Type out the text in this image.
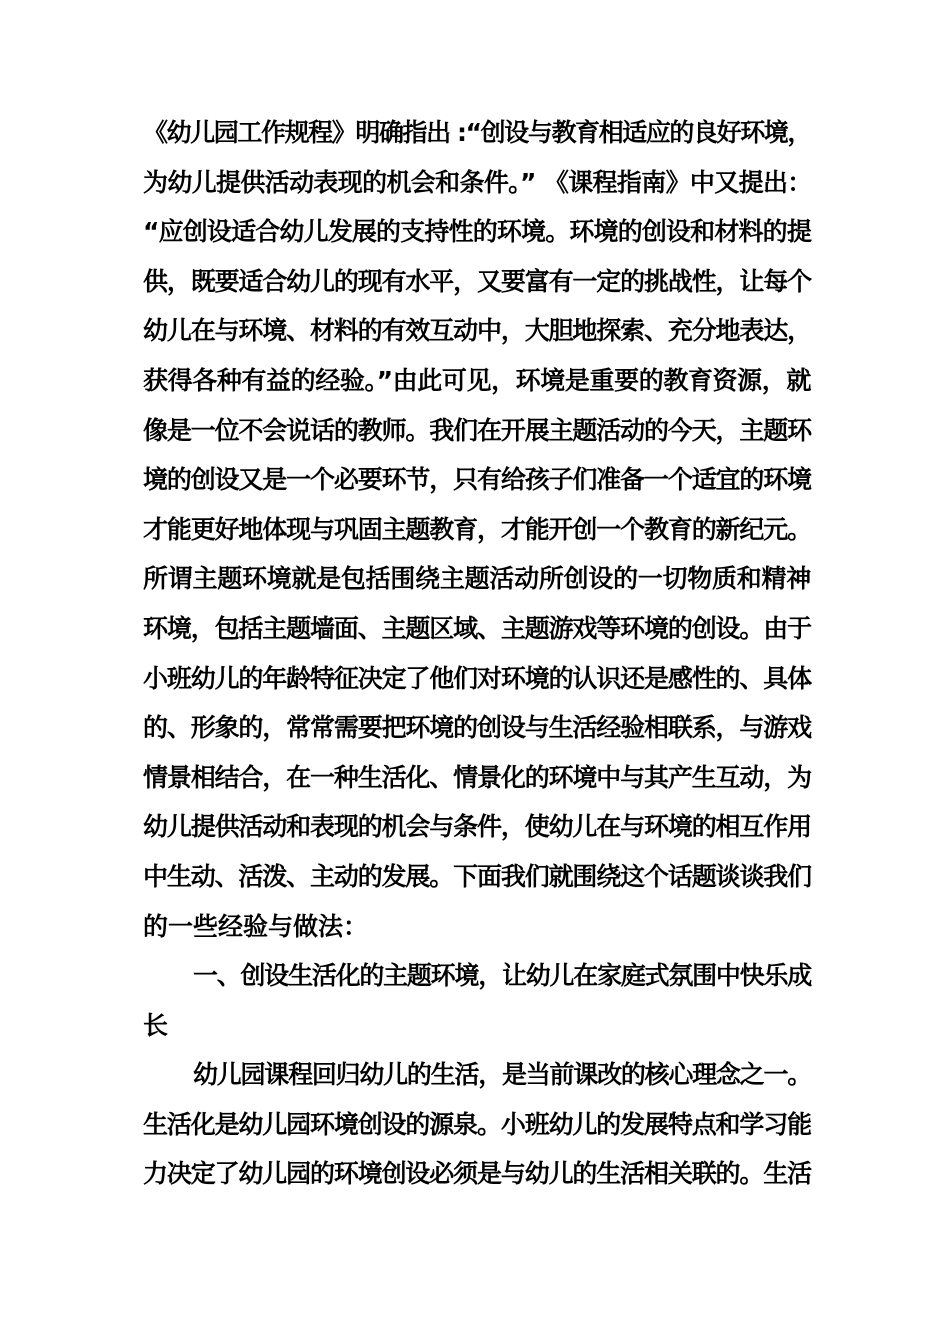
《幼儿园工作规程》明确指出 :“创设与教育相适应的良好环境，
为幼儿提供活动表现的机会和条件。” 《课程指南》中又提出：
“应创设适合幼儿发展的支持性的环境。环境的创设和材料的提
供，既要适合幼儿的现有水平，又要富有一定的挑战性，让每个
幼儿在与环境、材料的有效互动中，大胆地探索、充分地表达，
获得各种有益的经验。”由此可见，环境是重要的教育资源，就
像是一位不会说话的教师。我们在开展主题活动的今天，主题环
境的创设又是一个必要环节，只有给孩子们准备一个适宜的环境
才能更好地体现与巩固主题教育，才能开创一个教育的新纪元。
所谓主题环境就是包括围绕主题活动所创设的一切物质和精神
环境，包括主题墙面、主题区域、主题游戏等环境的创设。由于
小班幼儿的年龄特征决定了他们对环境的认识还是感性的、具体
的、形象的，常常需要把环境的创设与生活经验相联系，与游戏
情景相结合，在一种生活化、情景化的环境中与其产生互动，为
幼儿提供活动和表现的机会与条件，使幼儿在与环境的相互作用
中生动、活泼、主动的发展。下面我们就围绕这个话题谈谈我们
的一些经验与做法：
一、创设生活化的主题环境，让幼儿在家庭式氛围中快乐成
长
幼儿园课程回归幼儿的生活，是当前课改的核心理念之一。
生活化是幼儿园环境创设的源泉。小班幼儿的发展特点和学习能
力决定了幼儿园的环境创设必须是与幼儿的生活相关联的。生活
